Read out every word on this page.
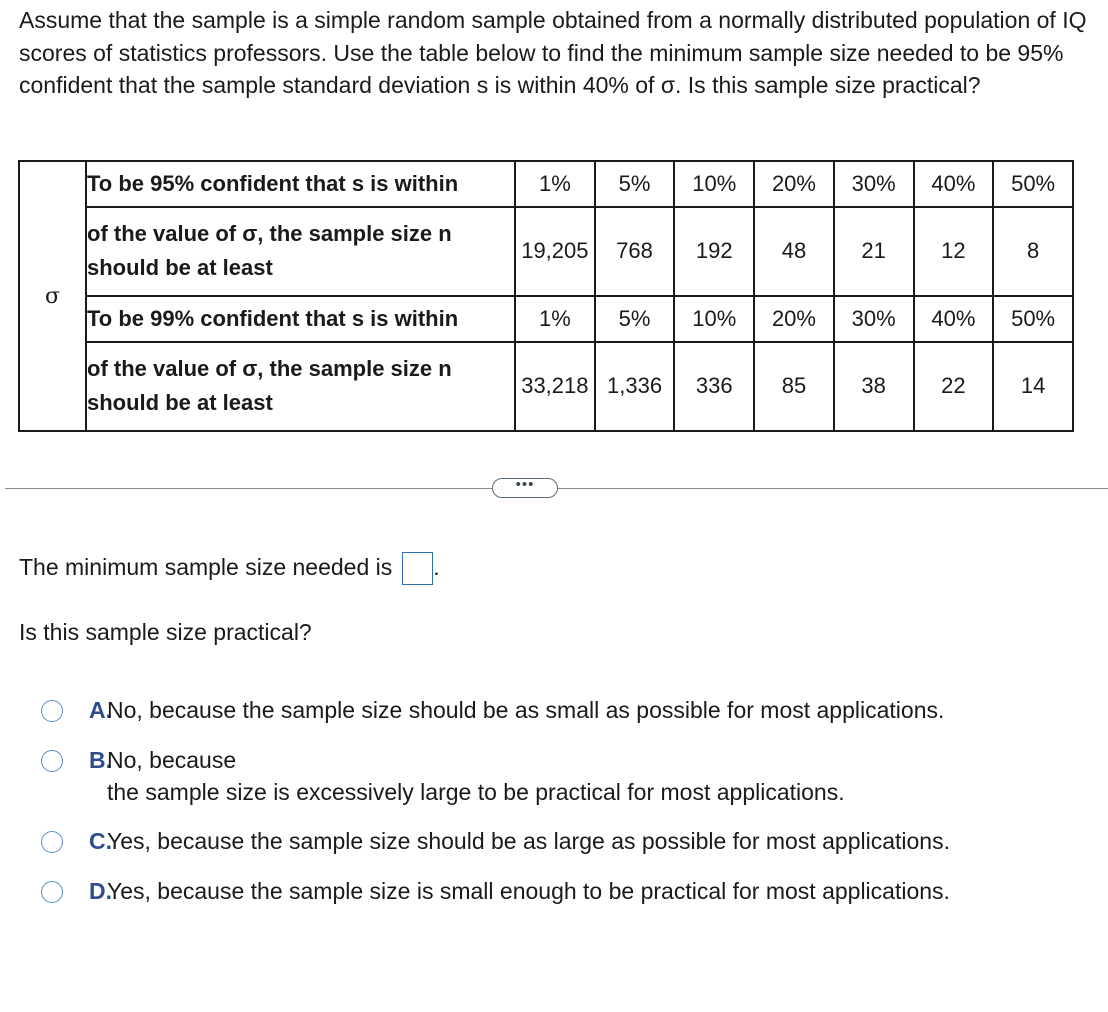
Assume that the sample is a simple random sample obtained from a normally distributed population of IQ scores of statistics professors. Use the table below to find the minimum sample size needed to be 95% confident that the sample standard deviation s is within 40% of σ. Is this sample size practical?

σ	To be 95% confident that s is within	1%	5%	10%	20%	30%	40%	50%
	of the value of σ, the sample size n should be at least	19,205	768	192	48	21	12	8
	To be 99% confident that s is within	1%	5%	10%	20%	30%	40%	50%
	of the value of σ, the sample size n should be at least	33,218	1,336	336	85	38	22	14
•••

The minimum sample size needed is .

Is this sample size practical?

A.
No, because the sample size should be as small as possible for most applications.
B.
No, because
the sample size is excessively large to be practical for most applications.
C.
Yes, because the sample size should be as large as possible for most applications.
D.
Yes, because the sample size is small enough to be practical for most applications.
